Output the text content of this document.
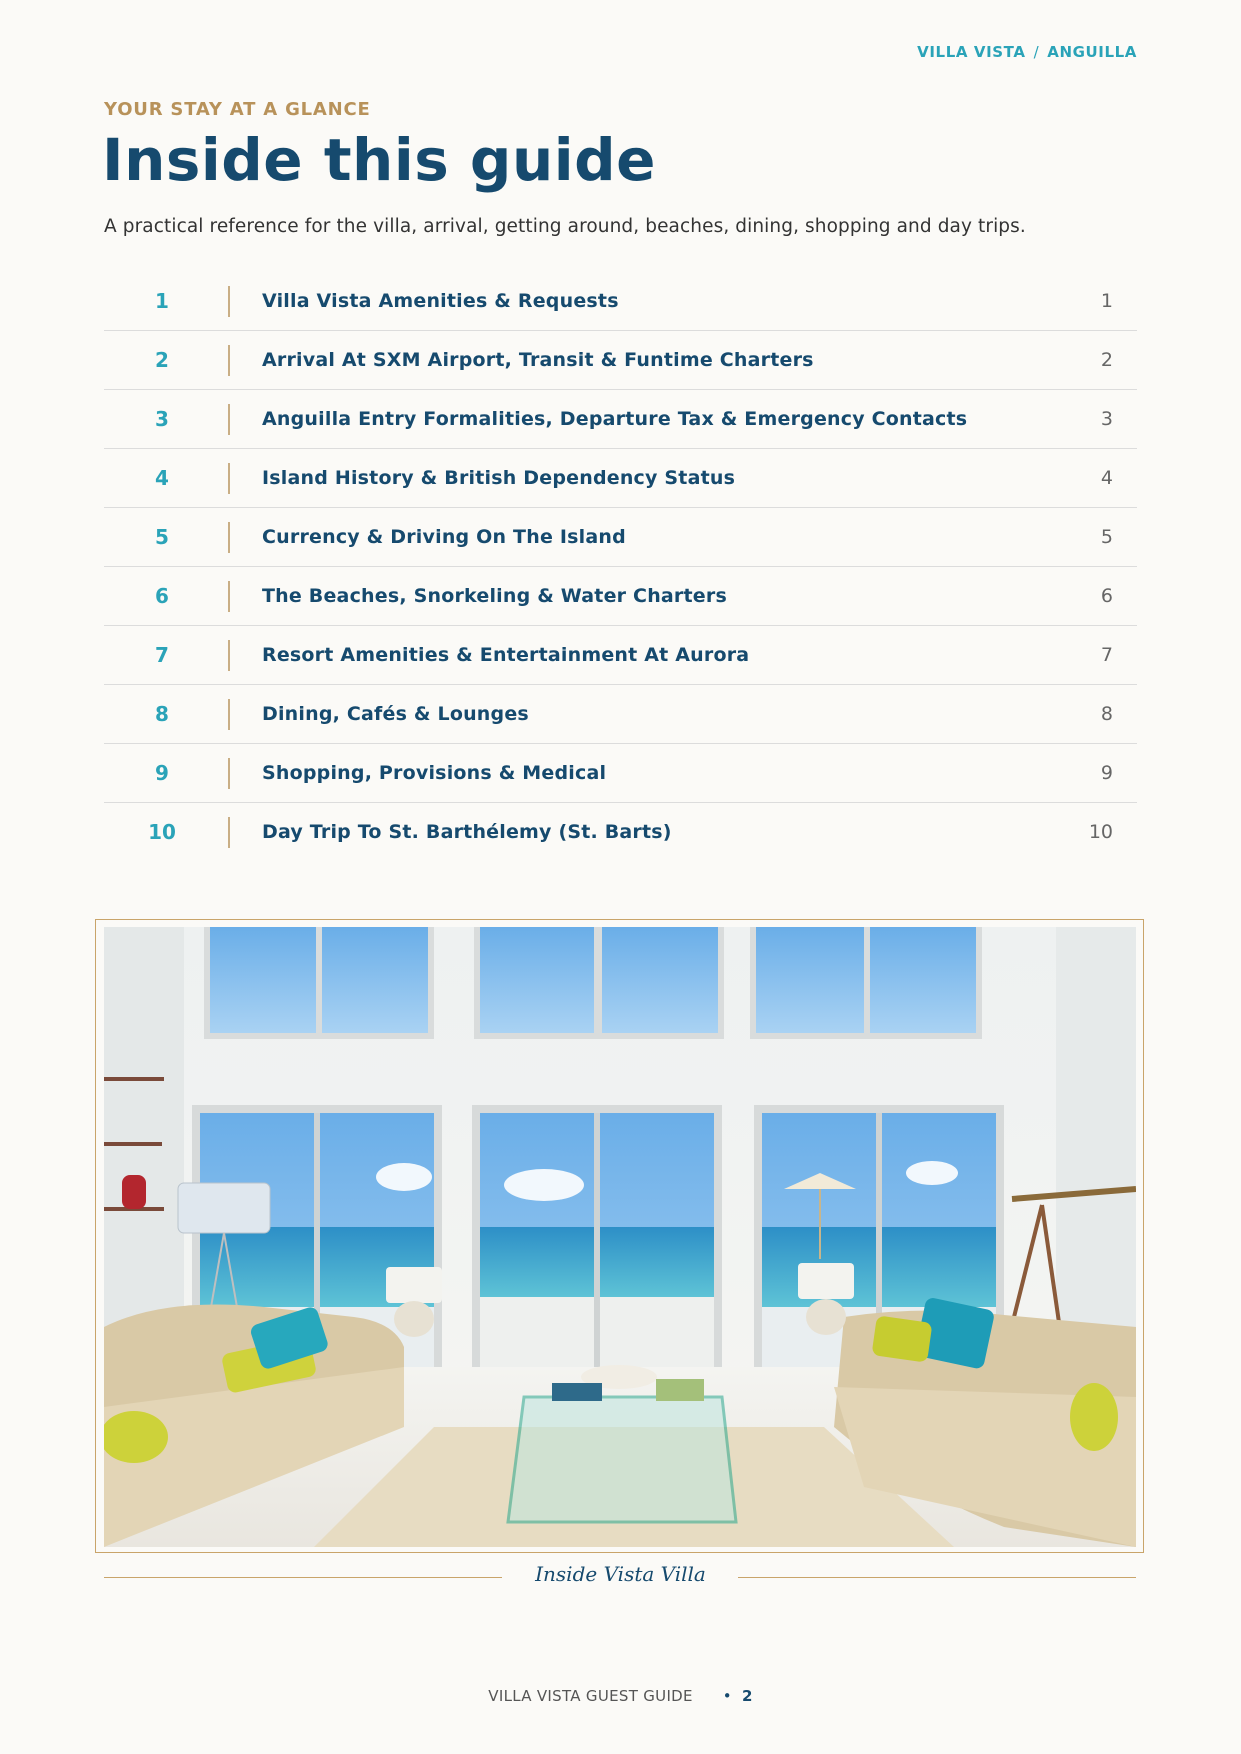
VILLA VISTA / ANGUILLA
YOUR STAY AT A GLANCE
Inside this guide
A practical reference for the villa, arrival, getting around, beaches, dining, shopping and day trips.
1	Villa Vista Amenities & Requests	1
2	Arrival At SXM Airport, Transit & Funtime Charters	2
3	Anguilla Entry Formalities, Departure Tax & Emergency Contacts	3
4	Island History & British Dependency Status	4
5	Currency & Driving On The Island	5
6	The Beaches, Snorkeling & Water Charters	6
7	Resort Amenities & Entertainment At Aurora	7
8	Dining, Cafés & Lounges	8
9	Shopping, Provisions & Medical	9
10	Day Trip To St. Barthélemy (St. Barts)	10
Inside Vista Villa
VILLA VISTA GUEST GUIDE • 2
